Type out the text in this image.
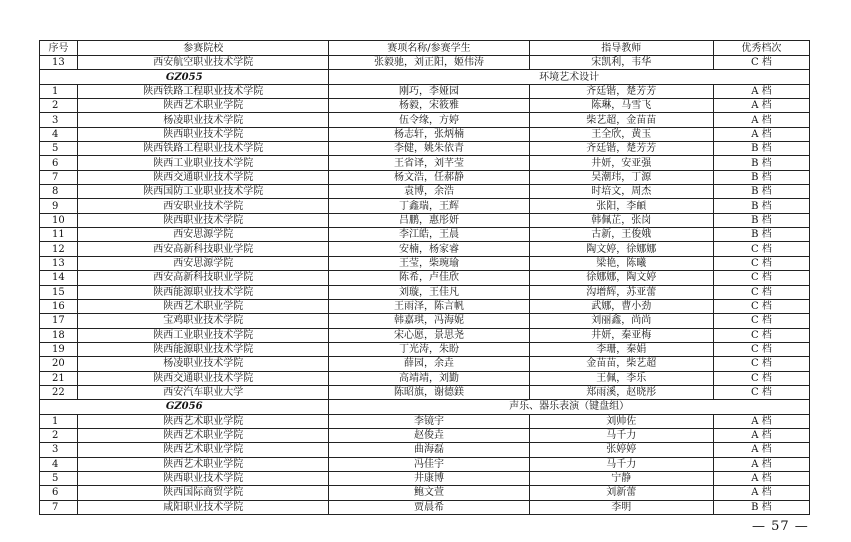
序号	参赛院校	赛项名称/参赛学生	指导教师	优秀档次
13	西安航空职业技术学院	张毅驰，刘正阳，姬伟涛	宋凯利，韦华	C 档
GZ055		环境艺术设计		
1	陕西铁路工程职业技术学院	刚巧，李娅园	齐廷锴，楚芳芳	A 档
2	陕西艺术职业学院	杨毅，宋筱雅	陈琳，马雪飞	A 档
3	杨凌职业技术学院	伍令缘，方婷	柴艺超，金苗苗	A 档
4	陕西职业技术学院	杨志轩，张炳楠	王全欣，黄玉	A 档
5	陕西铁路工程职业技术学院	李健，姚朱依青	齐廷锴，楚芳芳	B 档
6	陕西工业职业技术学院	王省译，刘芊莹	井妍，安亚强	B 档
7	陕西交通职业技术学院	杨文浩，任郝静	吴潮玮，丁源	B 档
8	陕西国防工业职业技术学院	袁博，余浩	时培文，周杰	B 档
9	西安职业技术学院	丁鑫瑞，王辉	张阳，李頔	B 档
10	陕西职业技术学院	吕鹏，惠彤妍	韩佩芷，张岗	B 档
11	西安思源学院	李江皓，王晨	古新，王俊娥	B 档
12	西安高新科技职业学院	安楠，杨家睿	陶文婷，徐娜娜	C 档
13	西安思源学院	王莹，柴琬瑜	梁艳，陈曦	C 档
14	西安高新科技职业学院	陈希，卢佳欣	徐娜娜，陶文婷	C 档
15	陕西能源职业技术学院	刘璇，王佳凡	沟增辉，苏亚蕾	C 档
16	陕西艺术职业学院	王雨泽，陈言帆	武娜，曹小劲	C 档
17	宝鸡职业技术学院	韩嘉琪，冯海妮	刘丽鑫，尚尚	C 档
18	陕西工业职业技术学院	宋心愿，景思尧	井妍，秦亚梅	C 档
19	陕西能源职业技术学院	丁光涛，朱盼	李珊，秦娟	C 档
20	杨凌职业技术学院	薛园，余垚	金苗苗，柴艺超	C 档
21	陕西交通职业技术学院	高靖靖，刘勤	王佩，李乐	C 档
22	西安汽车职业大学	陈昭旗，谢德鎂	郑雨溪，赵晓彤	C 档
GZ056		声乐、器乐表演（键盘组）		
1	陕西艺术职业学院	李镜宇	刘帅佐	A 档
2	陕西艺术职业学院	赵俊垚	马千力	A 档
3	陕西艺术职业学院	曲海磊	张婷婷	A 档
4	陕西艺术职业学院	冯佳宇	马千力	A 档
5	陕西职业技术学院	井康博	宁静	A 档
6	陕西国际商贸学院	鲍文萱	刘新蕾	A 档
7	咸阳职业技术学院	贾晨希	李明	B 档
— 57 —
